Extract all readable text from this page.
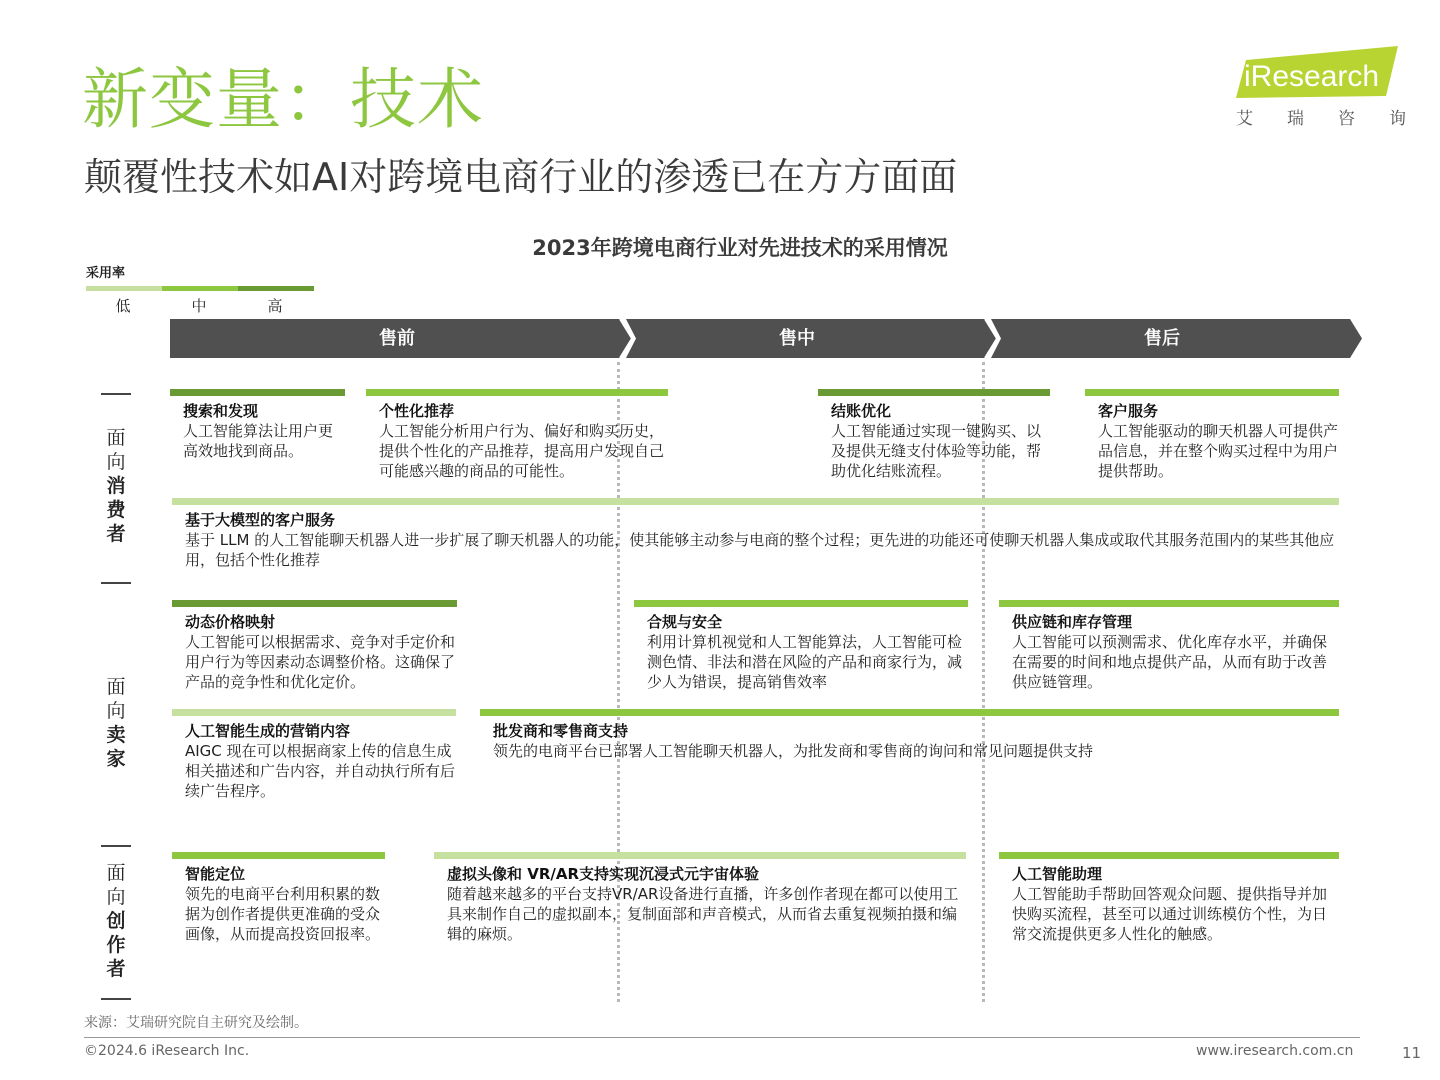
新变量：技术
颠覆性技术如AI对跨境电商行业的渗透已在方方面面
iResearch
艾 瑞 咨 询
2023年跨境电商行业对先进技术的采用情况
采用率
低	中	高
售前	售中	售后
面
向
消
费
者
面
向
卖
家
面
向
创
作
者
搜索和发现
人工智能算法让用户更高效地找到商品。
个性化推荐
人工智能分析用户行为、偏好和购买历史，提供个性化的产品推荐，提高用户发现自己可能感兴趣的商品的可能性。
结账优化
人工智能通过实现一键购买、以及提供无缝支付体验等功能，帮助优化结账流程。
客户服务
人工智能驱动的聊天机器人可提供产品信息，并在整个购买过程中为用户提供帮助。
基于大模型的客户服务
基于 LLM 的人工智能聊天机器人进一步扩展了聊天机器人的功能，使其能够主动参与电商的整个过程；更先进的功能还可使聊天机器人集成或取代其服务范围内的某些其他应用，包括个性化推荐
动态价格映射
人工智能可以根据需求、竞争对手定价和用户行为等因素动态调整价格。这确保了产品的竞争性和优化定价。
合规与安全
利用计算机视觉和人工智能算法，人工智能可检测色情、非法和潜在风险的产品和商家行为，减少人为错误，提高销售效率
供应链和库存管理
人工智能可以预测需求、优化库存水平，并确保在需要的时间和地点提供产品，从而有助于改善供应链管理。
人工智能生成的营销内容
AIGC 现在可以根据商家上传的信息生成相关描述和广告内容，并自动执行所有后续广告程序。
批发商和零售商支持
领先的电商平台已部署人工智能聊天机器人，为批发商和零售商的询问和常见问题提供支持
智能定位
领先的电商平台利用积累的数据为创作者提供更准确的受众画像，从而提高投资回报率。
虚拟头像和 VR/AR支持实现沉浸式元宇宙体验
随着越来越多的平台支持VR/AR设备进行直播，许多创作者现在都可以使用工具来制作自己的虚拟副本，复制面部和声音模式，从而省去重复视频拍摄和编辑的麻烦。
人工智能助理
人工智能助手帮助回答观众问题、提供指导并加快购买流程，甚至可以通过训练模仿个性，为日常交流提供更多人性化的触感。
来源：艾瑞研究院自主研究及绘制。
©2024.6 iResearch Inc.	www.iresearch.com.cn	11
